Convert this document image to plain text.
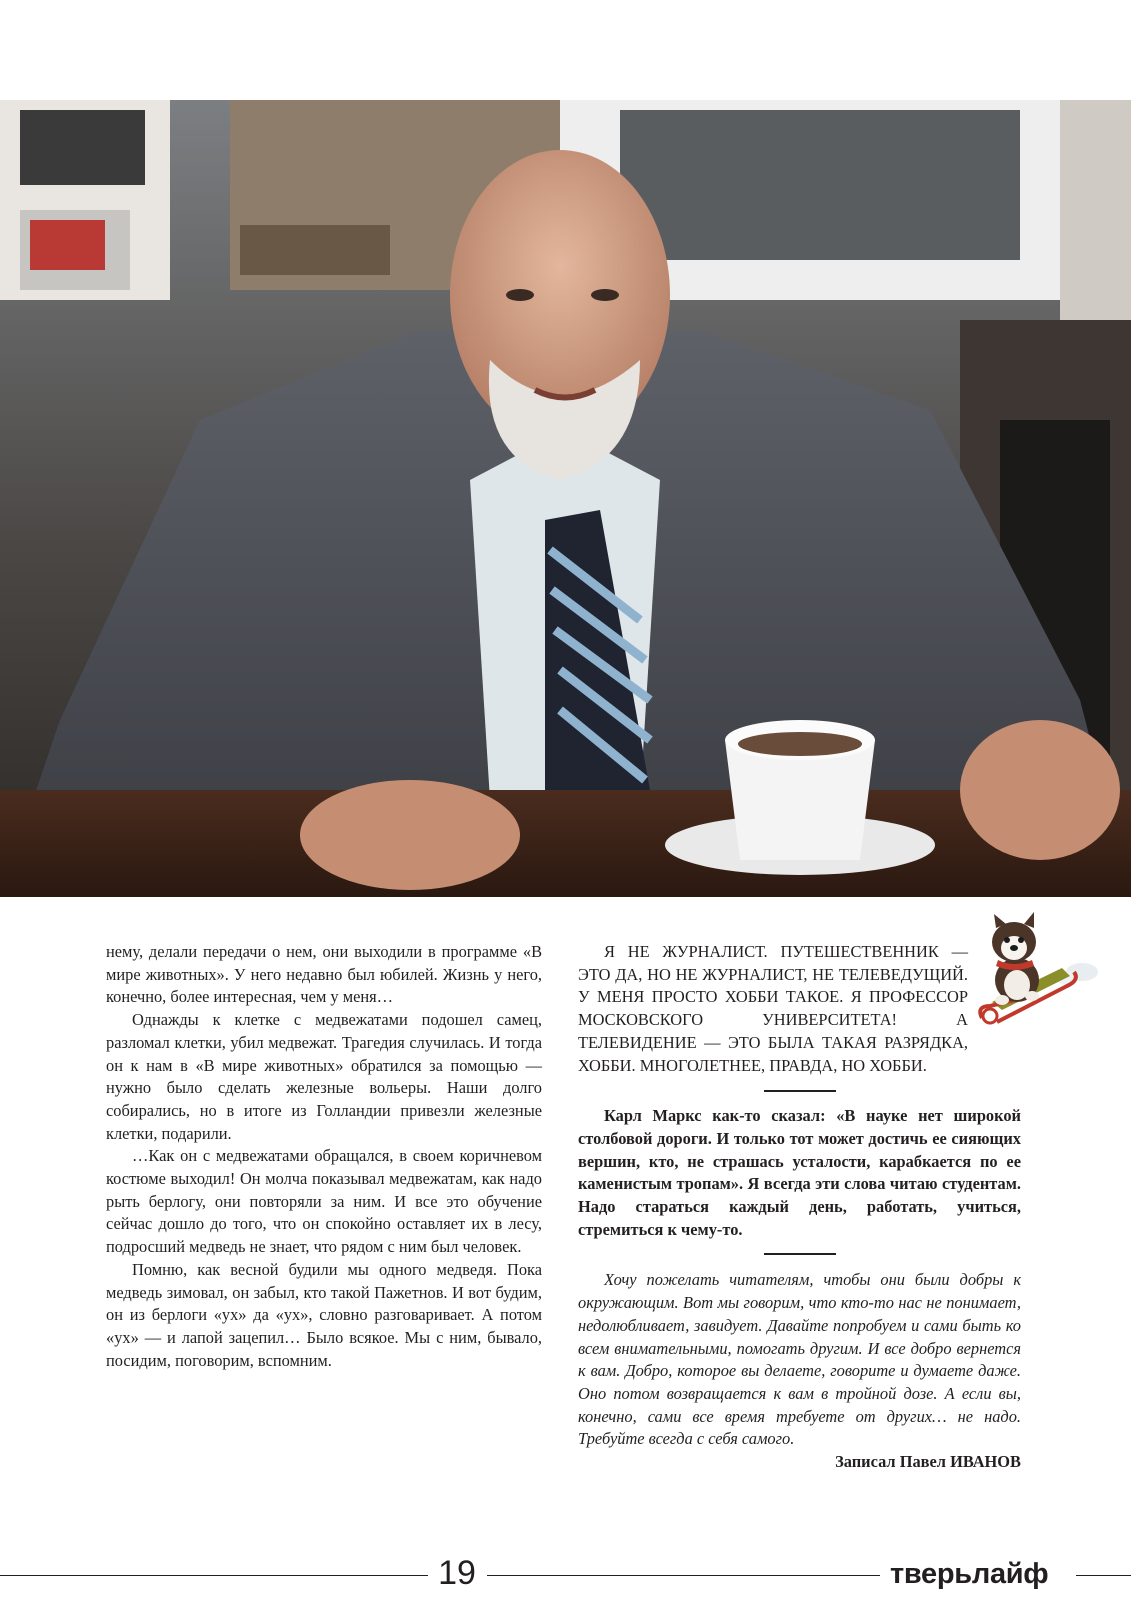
нему, делали передачи о нем, они выходили в программе «В мире животных». У него недавно был юбилей. Жизнь у него, конечно, более интересная, чем у меня…

Однажды к клетке с медвежатами подошел самец, разломал клетки, убил медвежат. Трагедия случилась. И тогда он к нам в «В мире животных» обратился за помощью — нужно было сделать железные вольеры. Наши долго собирались, но в итоге из Голландии привезли железные клетки, подарили.

…Как он с медвежатами обращался, в своем коричневом костюме выходил! Он молча показывал медвежатам, как надо рыть берлогу, они повторяли за ним. И все это обучение сейчас дошло до того, что он спокойно оставляет их в лесу, подросший медведь не знает, что рядом с ним был человек.

Помню, как весной будили мы одного медведя. Пока медведь зимовал, он забыл, кто такой Пажетнов. И вот будим, он из берлоги «ух» да «ух», словно разговаривает. А потом «ух» — и лапой зацепил… Было всякое. Мы с ним, бывало, посидим, поговорим, вспомним.

Я НЕ ЖУРНАЛИСТ. ПУТЕШЕСТВЕННИК — ЭТО ДА, НО НЕ ЖУРНАЛИСТ, НЕ ТЕЛЕВЕДУЩИЙ. У МЕНЯ ПРОСТО ХОББИ ТАКОЕ. Я ПРОФЕССОР МОСКОВСКОГО УНИВЕРСИТЕТА! А ТЕЛЕВИДЕНИЕ — ЭТО БЫЛА ТАКАЯ РАЗРЯДКА, ХОББИ. МНОГОЛЕТНЕЕ, ПРАВДА, НО ХОББИ.

Карл Маркс как-то сказал: «В науке нет широкой столбовой дороги. И только тот может достичь ее сияющих вершин, кто, не страшась усталости, карабкается по ее каменистым тропам». Я всегда эти слова читаю студентам. Надо стараться каждый день, работать, учиться, стремиться к чему-то.

Хочу пожелать читателям, чтобы они были добры к окружающим. Вот мы говорим, что кто-то нас не понимает, недолюбливает, завидует. Давайте попробуем и сами быть ко всем внимательными, помогать другим. И все добро вернется к вам. Добро, которое вы делаете, говорите и думаете даже. Оно потом возвращается к вам в тройной дозе. А если вы, конечно, сами все время требуете от других… не надо. Требуйте всегда с себя самого.

Записал Павел ИВАНОВ

19	тверьлайф
